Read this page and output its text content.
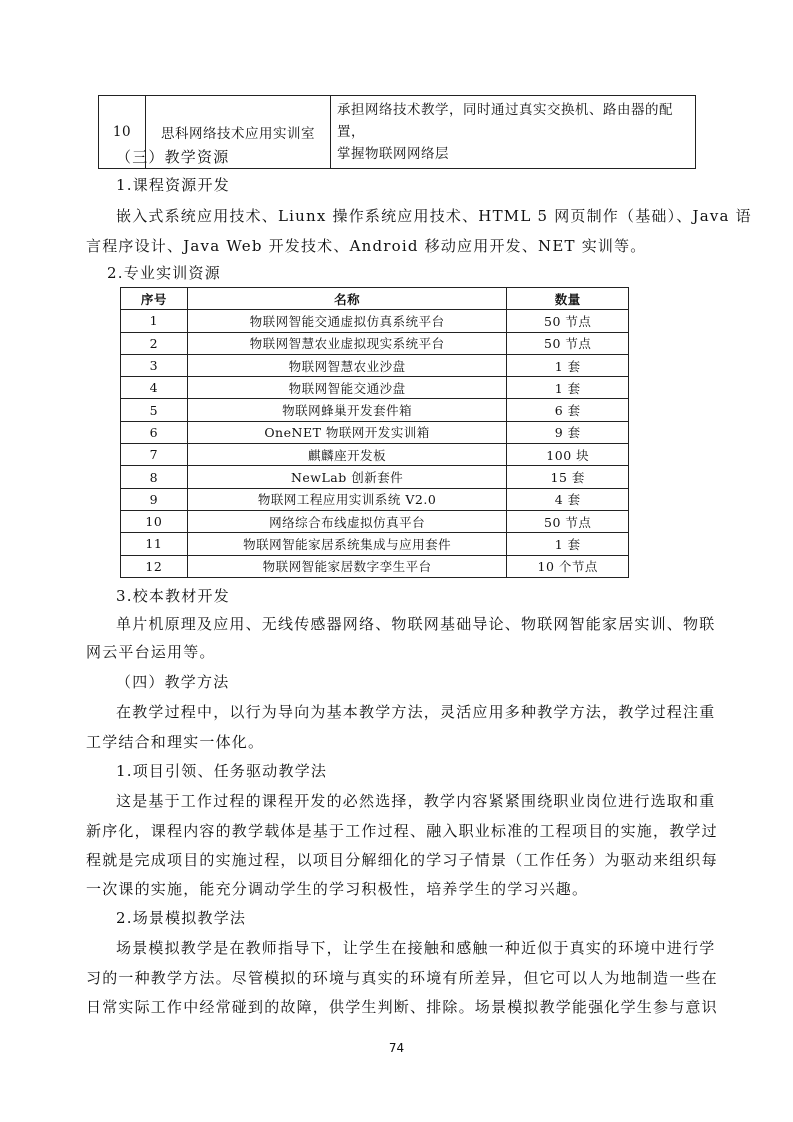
10	思科网络技术应用实训室	
承担网络技术教学，同时通过真实交换机、路由器的配置，
掌握物联网网络层
（三）教学资源
1.课程资源开发
嵌入式系统应用技术、Liunx 操作系统应用技术、HTML 5 网页制作（基础）、Java 语
言程序设计、Java Web 开发技术、Android 移动应用开发、NET 实训等。
2.专业实训资源
序号	名称	数量
1	物联网智能交通虚拟仿真系统平台	50 节点
2	物联网智慧农业虚拟现实系统平台	50 节点
3	物联网智慧农业沙盘	1 套
4	物联网智能交通沙盘	1 套
5	物联网蜂巢开发套件箱	6 套
6	OneNET 物联网开发实训箱	9 套
7	麒麟座开发板	100 块
8	NewLab 创新套件	15 套
9	物联网工程应用实训系统 V2.0	4 套
10	网络综合布线虚拟仿真平台	50 节点
11	物联网智能家居系统集成与应用套件	1 套
12	物联网智能家居数字孪生平台	10 个节点
3.校本教材开发
单片机原理及应用、无线传感器网络、物联网基础导论、物联网智能家居实训、物联
网云平台运用等。
（四）教学方法
在教学过程中，以行为导向为基本教学方法，灵活应用多种教学方法，教学过程注重
工学结合和理实一体化。
1.项目引领、任务驱动教学法
这是基于工作过程的课程开发的必然选择，教学内容紧紧围绕职业岗位进行选取和重
新序化，课程内容的教学载体是基于工作过程、融入职业标准的工程项目的实施，教学过
程就是完成项目的实施过程，以项目分解细化的学习子情景（工作任务）为驱动来组织每
一次课的实施，能充分调动学生的学习积极性，培养学生的学习兴趣。
2.场景模拟教学法
场景模拟教学是在教师指导下，让学生在接触和感触一种近似于真实的环境中进行学
习的一种教学方法。尽管模拟的环境与真实的环境有所差异，但它可以人为地制造一些在
日常实际工作中经常碰到的故障，供学生判断、排除。场景模拟教学能强化学生参与意识
74
